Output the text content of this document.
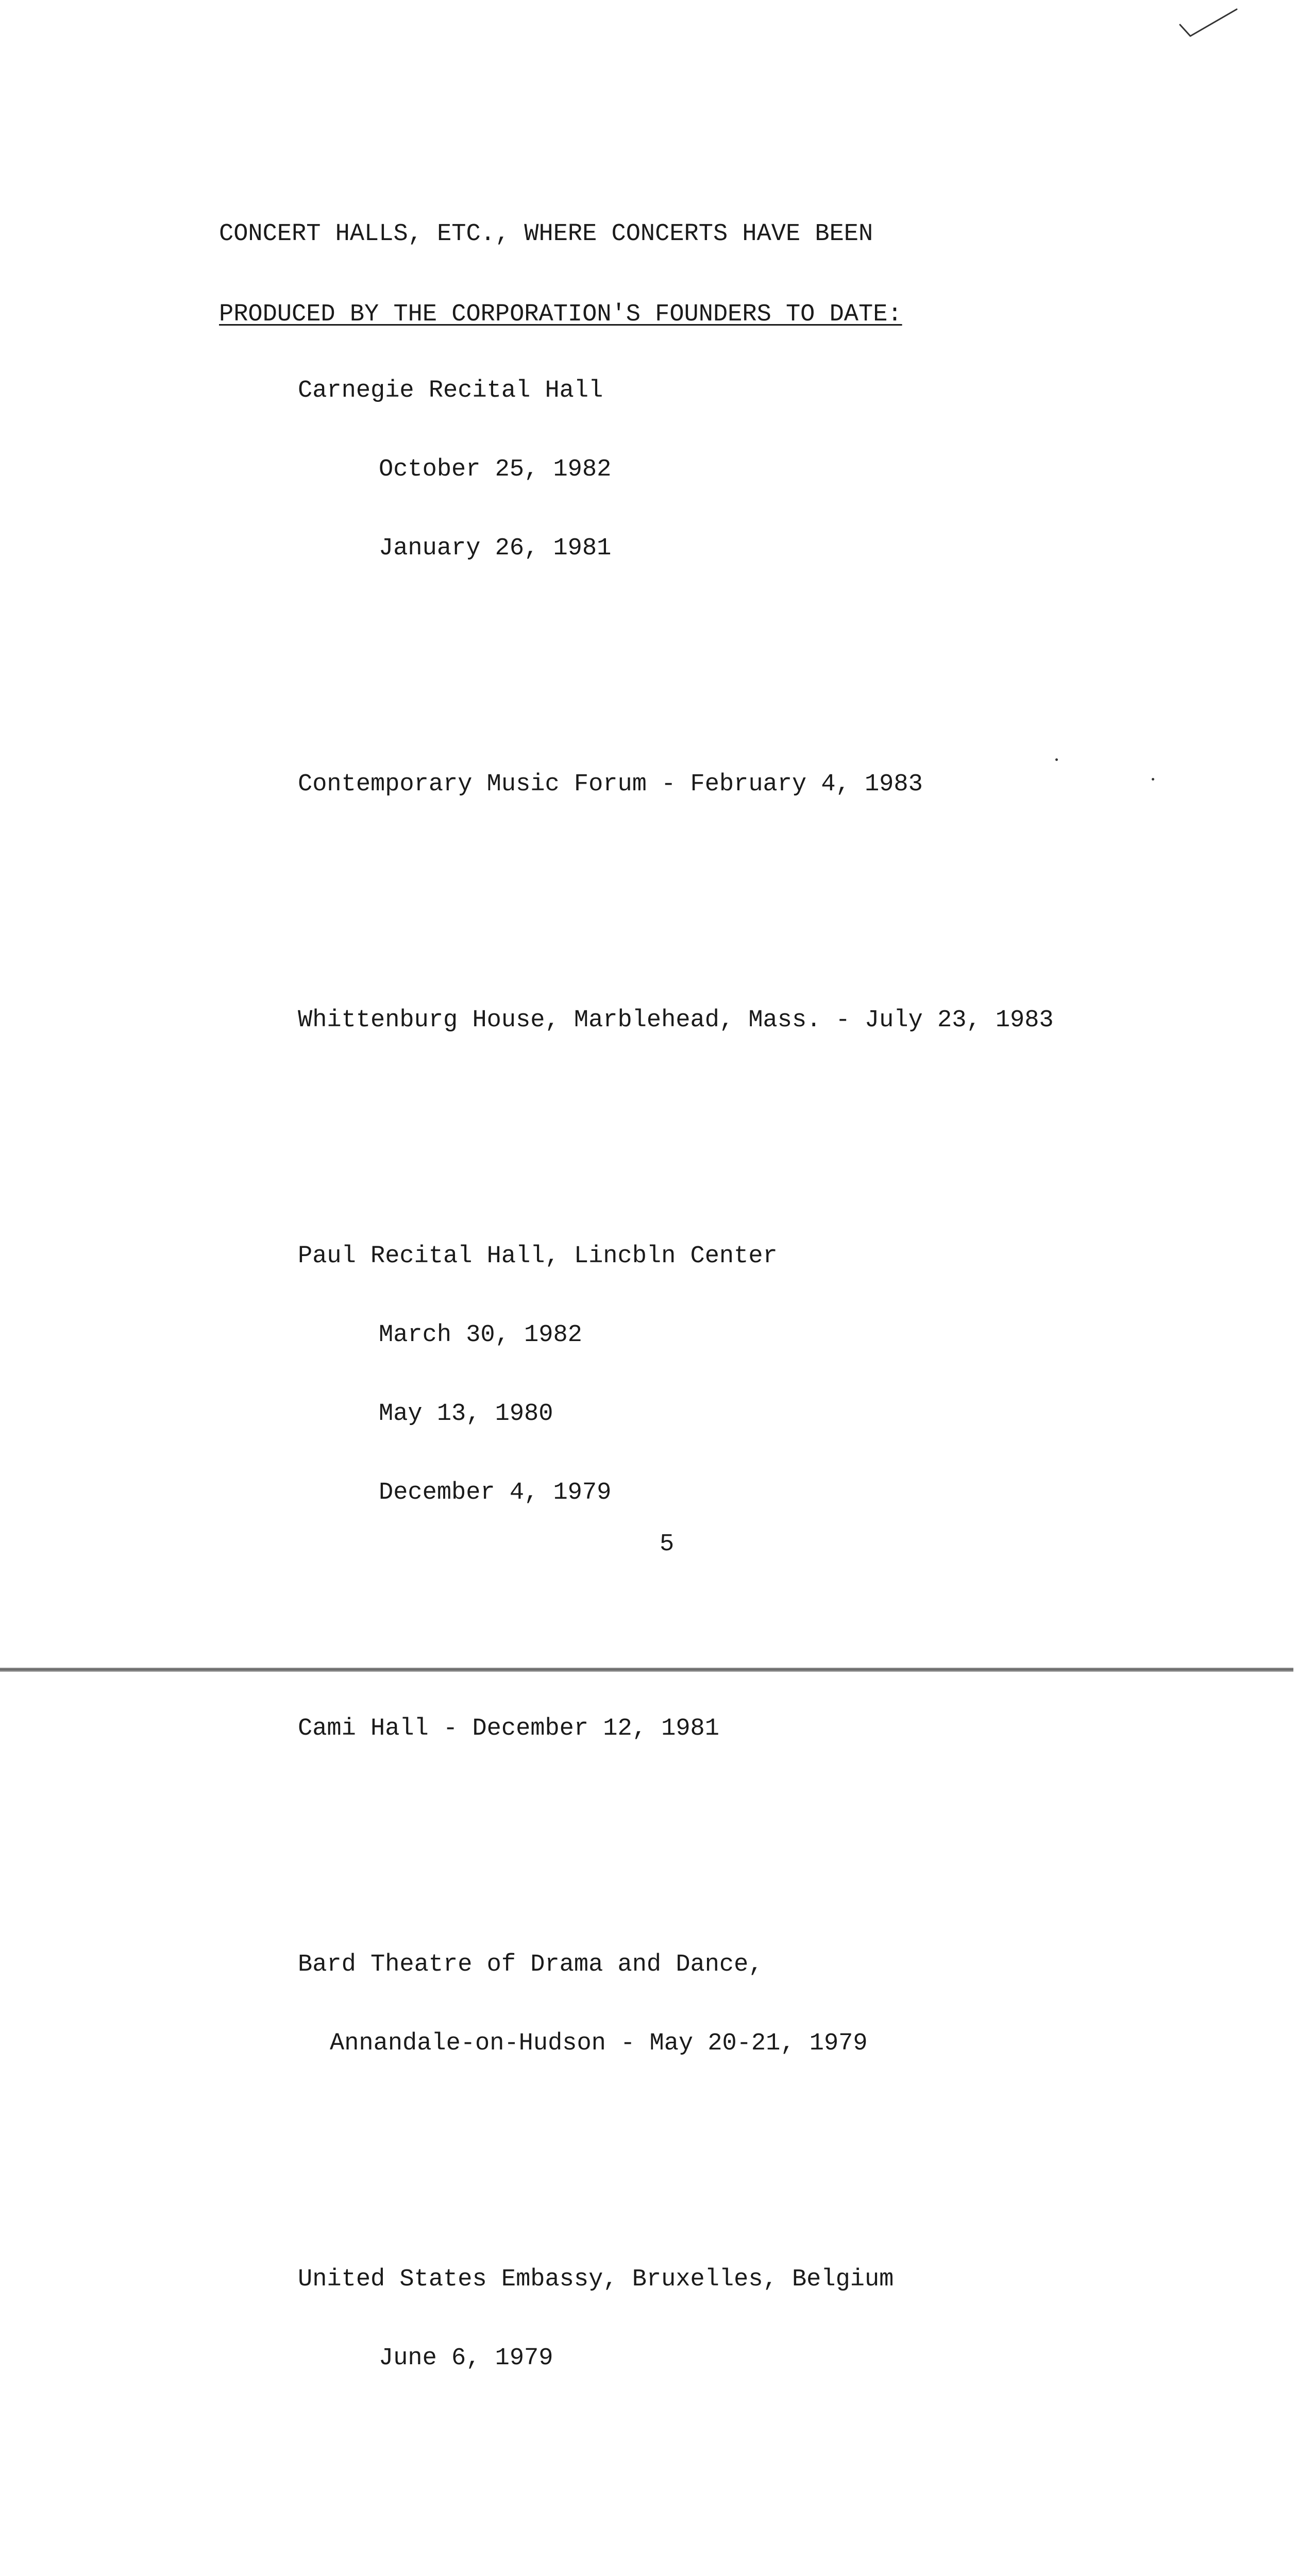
CONCERT HALLS, ETC., WHERE CONCERTS HAVE BEEN

PRODUCED BY THE CORPORATION'S FOUNDERS TO DATE:

Carnegie Recital Hall

October 25, 1982

January 26, 1981

Contemporary Music Forum - February 4, 1983

Whittenburg House, Marblehead, Mass. - July 23, 1983

Paul Recital Hall, Lincbln Center

March 30, 1982

May 13, 1980

December 4, 1979

Cami Hall - December 12, 1981

Bard Theatre of Drama and Dance,

Annandale-on-Hudson - May 20-21, 1979

United States Embassy, Bruxelles, Belgium

June 6, 1979

5
